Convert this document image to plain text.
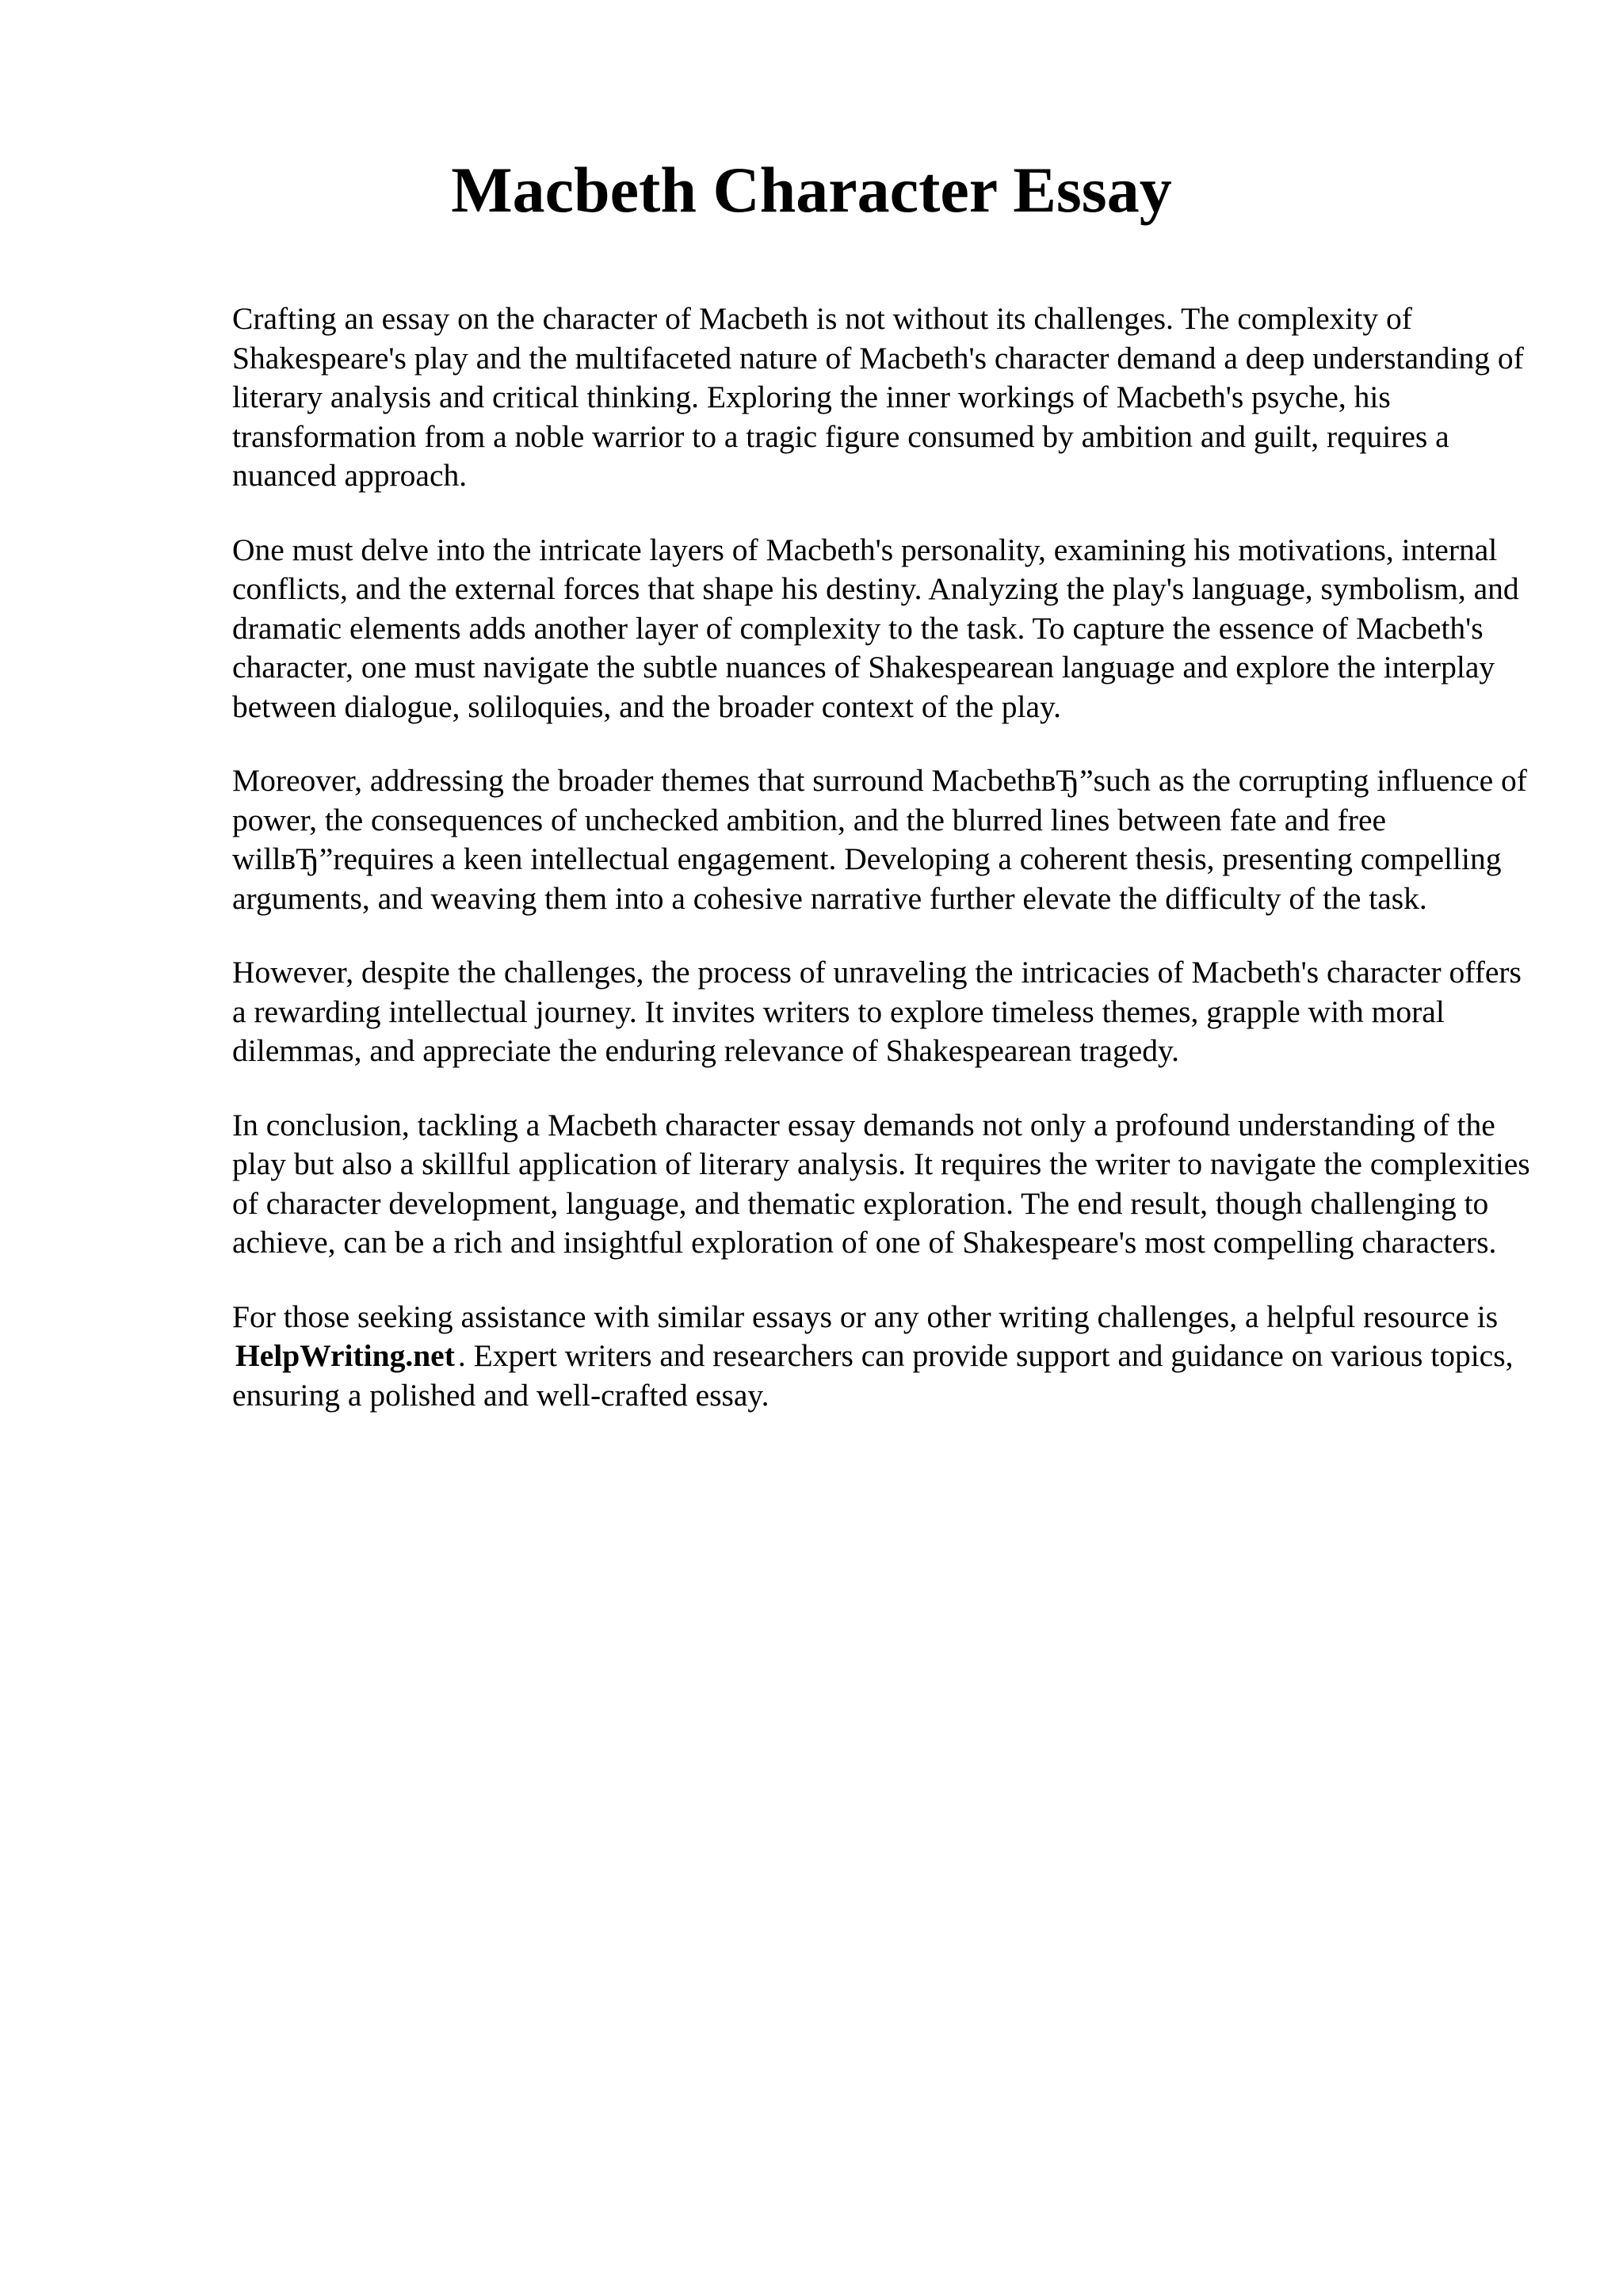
Macbeth Character Essay

Crafting an essay on the character of Macbeth is not without its challenges. The complexity of Shakespeare's play and the multifaceted nature of Macbeth's character demand a deep understanding of literary analysis and critical thinking. Exploring the inner workings of Macbeth's psyche, his transformation from a noble warrior to a tragic figure consumed by ambition and guilt, requires a nuanced approach.

One must delve into the intricate layers of Macbeth's personality, examining his motivations, internal conflicts, and the external forces that shape his destiny. Analyzing the play's language, symbolism, and dramatic elements adds another layer of complexity to the task. To capture the essence of Macbeth's character, one must navigate the subtle nuances of Shakespearean language and explore the interplay between dialogue, soliloquies, and the broader context of the play.

Moreover, addressing the broader themes that surround MacbethвЂ”such as the corrupting influence of power, the consequences of unchecked ambition, and the blurred lines between fate and free willвЂ”requires a keen intellectual engagement. Developing a coherent thesis, presenting compelling arguments, and weaving them into a cohesive narrative further elevate the difficulty of the task.

However, despite the challenges, the process of unraveling the intricacies of Macbeth's character offers a rewarding intellectual journey. It invites writers to explore timeless themes, grapple with moral dilemmas, and appreciate the enduring relevance of Shakespearean tragedy.

In conclusion, tackling a Macbeth character essay demands not only a profound understanding of the play but also a skillful application of literary analysis. It requires the writer to navigate the complexities of character development, language, and thematic exploration. The end result, though challenging to achieve, can be a rich and insightful exploration of one of Shakespeare's most compelling characters.

For those seeking assistance with similar essays or any other writing challenges, a helpful resource is HelpWriting.net . Expert writers and researchers can provide support and guidance on various topics, ensuring a polished and well-crafted essay.
